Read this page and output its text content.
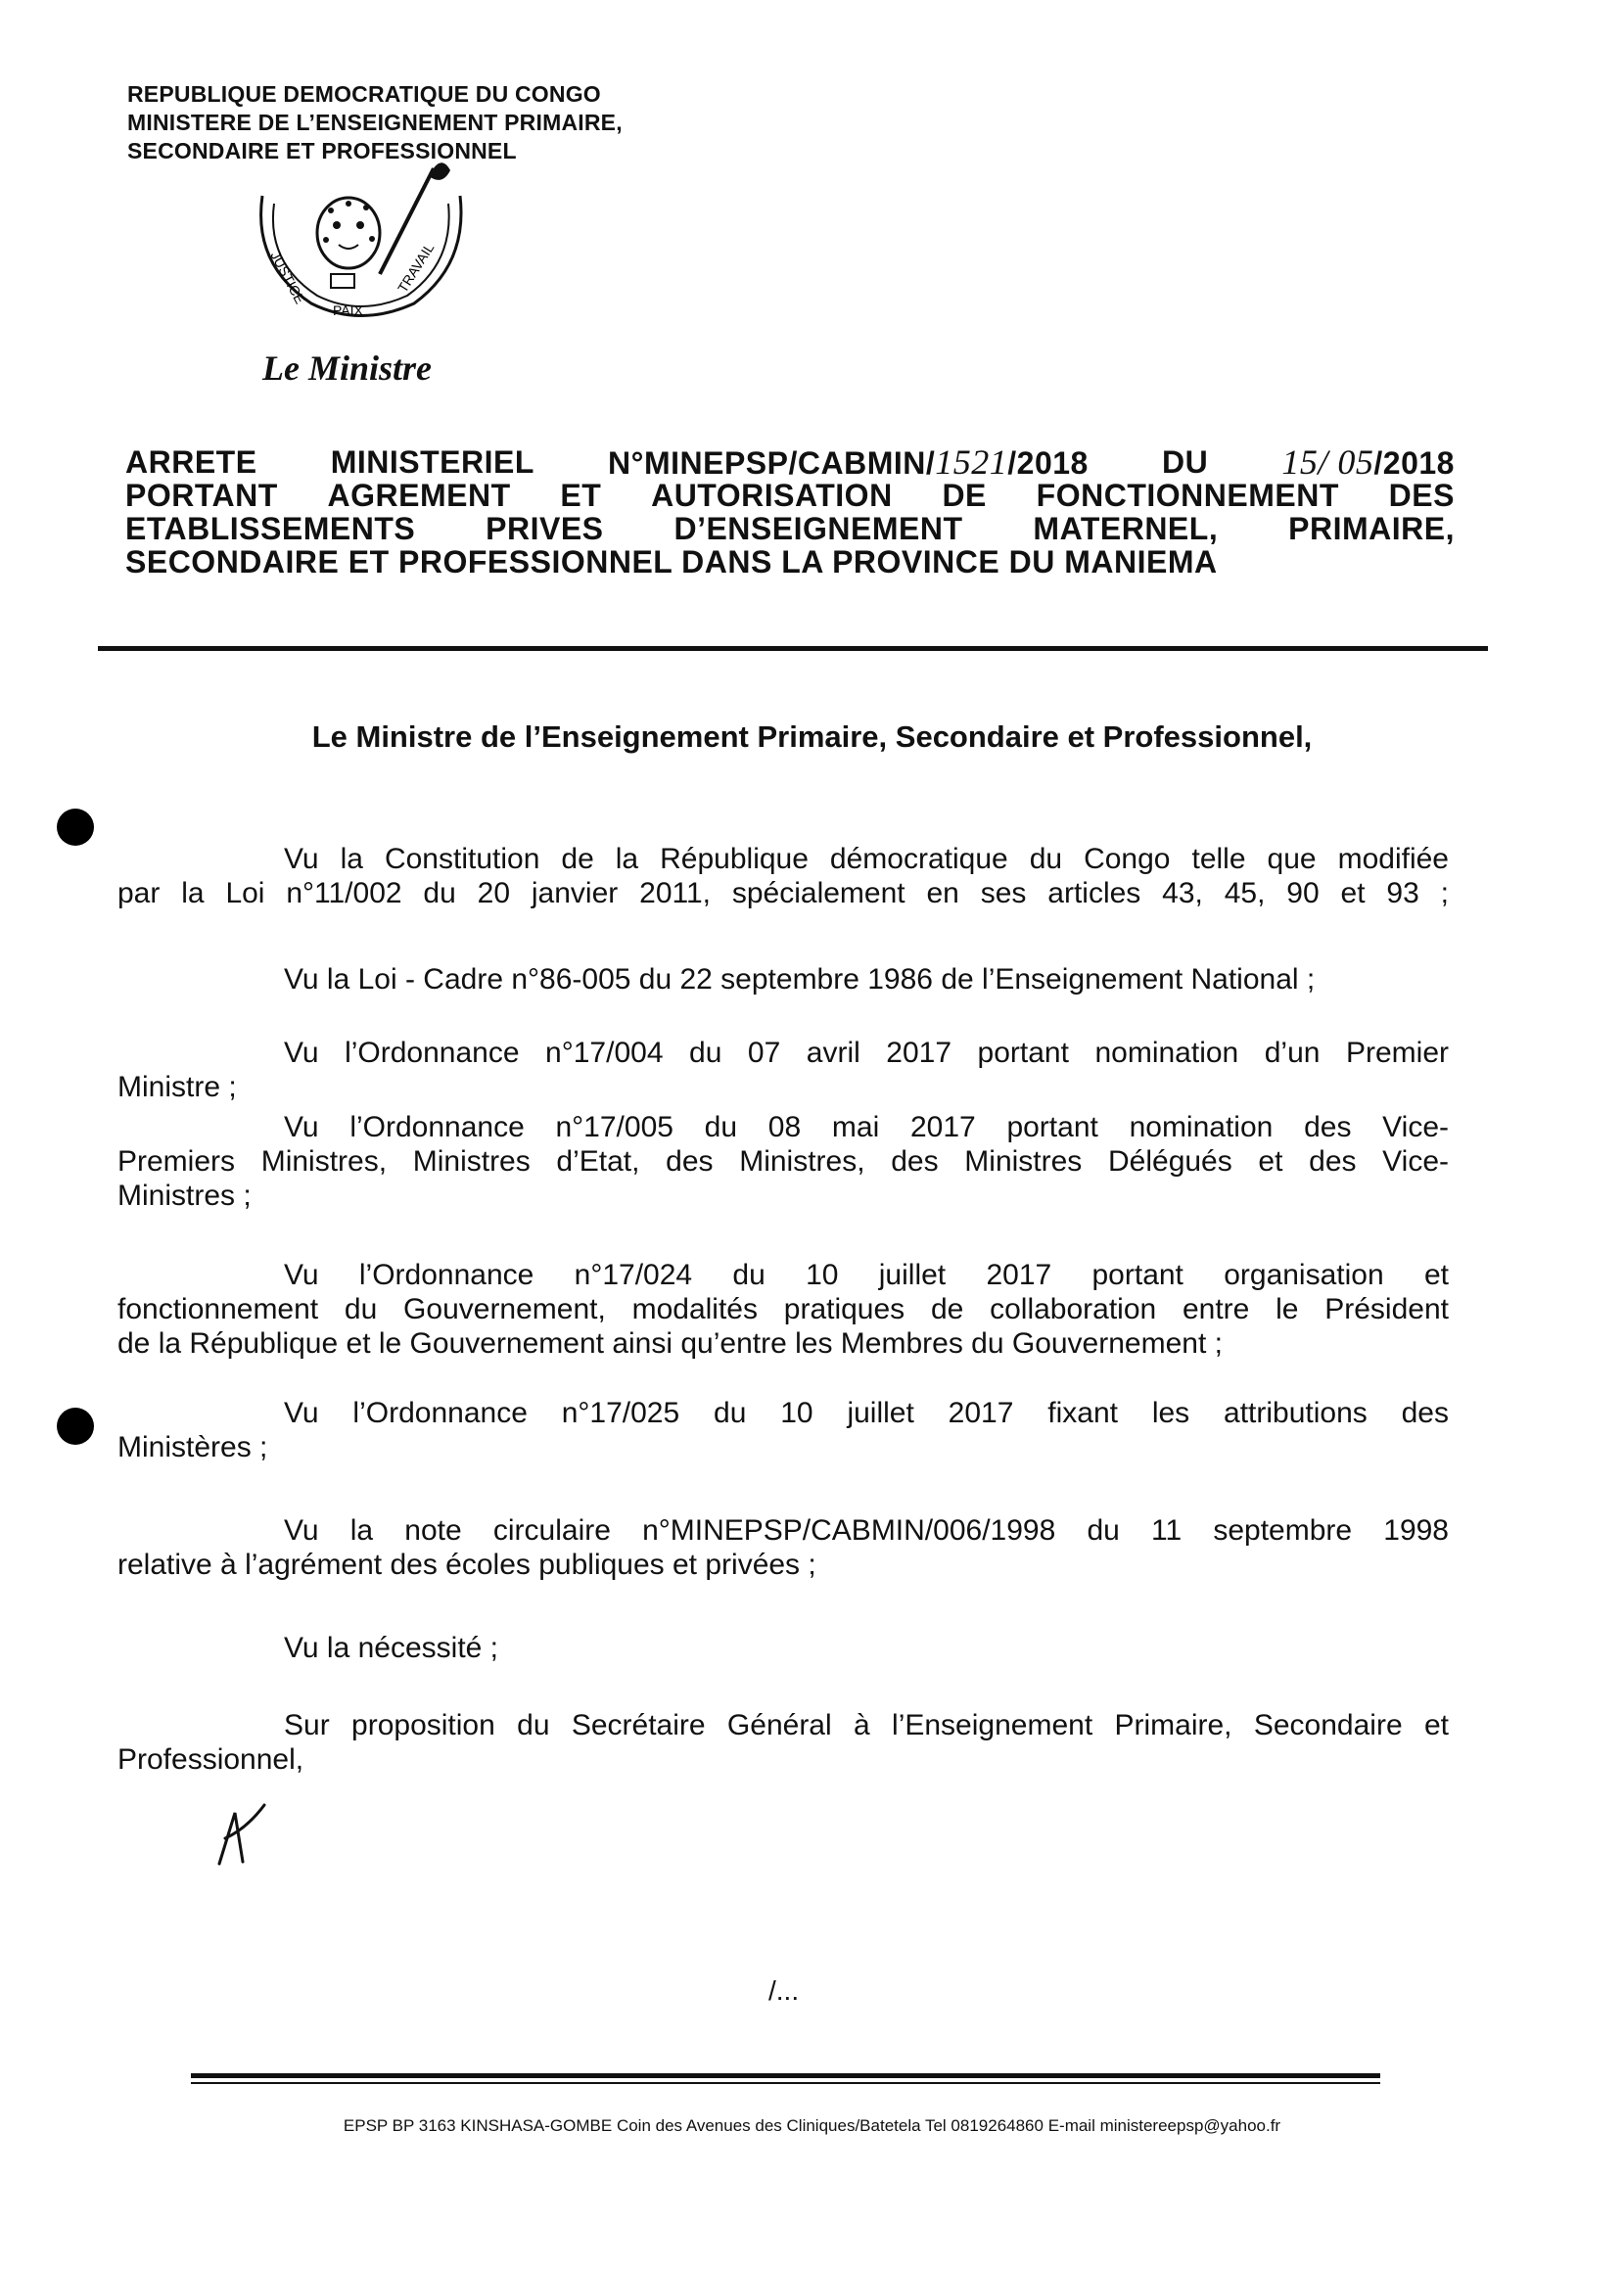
REPUBLIQUE DEMOCRATIQUE DU CONGO
MINISTERE DE L’ENSEIGNEMENT PRIMAIRE,
SECONDAIRE ET PROFESSIONNEL
JUSTICE
PAIX
TRAVAIL
Le Ministre
ARRETE MINISTERIEL N°MINEPSP/CABMIN/1521/2018 DU 15/ 05/2018
PORTANT AGREMENT ET AUTORISATION DE FONCTIONNEMENT DES
ETABLISSEMENTS PRIVES D’ENSEIGNEMENT MATERNEL, PRIMAIRE,
SECONDAIRE ET PROFESSIONNEL DANS LA PROVINCE DU MANIEMA
Le Ministre de l’Enseignement Primaire, Secondaire et Professionnel,
Vu la Constitution de la République démocratique du Congo telle que modifiée
par la Loi n°11/002 du 20 janvier 2011, spécialement en ses articles 43, 45, 90 et 93 ;
Vu la Loi - Cadre n°86-005 du 22 septembre 1986 de l’Enseignement National ;
Vu l’Ordonnance n°17/004 du 07 avril 2017 portant nomination d’un Premier
Ministre ;
Vu l’Ordonnance n°17/005 du 08 mai 2017 portant nomination des Vice-
Premiers Ministres, Ministres d’Etat, des Ministres, des Ministres Délégués et des Vice-
Ministres ;
Vu l’Ordonnance n°17/024 du 10 juillet 2017 portant organisation et
fonctionnement du Gouvernement, modalités pratiques de collaboration entre le Président
de la République et le Gouvernement ainsi qu’entre les Membres du Gouvernement ;
Vu l’Ordonnance n°17/025 du 10 juillet 2017 fixant les attributions des
Ministères ;
Vu la note circulaire n°MINEPSP/CABMIN/006/1998 du 11 septembre 1998
relative à l’agrément des écoles publiques et privées ;
Vu la nécessité ;
Sur proposition du Secrétaire Général à l’Enseignement Primaire, Secondaire et
Professionnel,
/...
EPSP BP 3163 KINSHASA-GOMBE Coin des Avenues des Cliniques/Batetela Tel 0819264860 E-mail ministereepsp@yahoo.fr
